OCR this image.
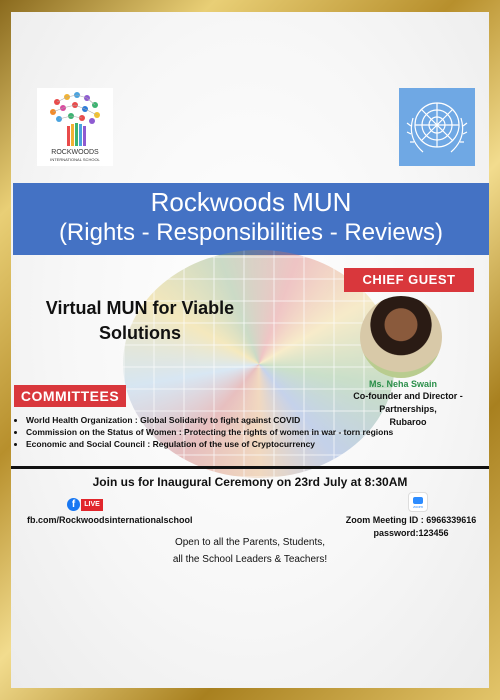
ROCKWOODS
INTERNATIONAL SCHOOL
Rockwoods MUN
(Rights - Responsibilities - Reviews)
CHIEF GUEST
Virtual MUN for Viable
Solutions
Ms. Neha Swain
Co-founder and Director - Partnerships,
Rubaroo
COMMITTEES
• World Health Organization : Global Solidarity to fight against COVID
• Commission on the Status of Women : Protecting the rights of women in war - torn regions
• Economic and Social Council : Regulation of the use of Cryptocurrency
Join us for Inaugural Ceremony on 23rd July at 8:30AM
f	LIVE
fb.com/Rockwoodsinternationalschool
zoom
Zoom Meeting ID : 6966339616
password:123456
Open to all the Parents, Students,
all the School Leaders & Teachers!
